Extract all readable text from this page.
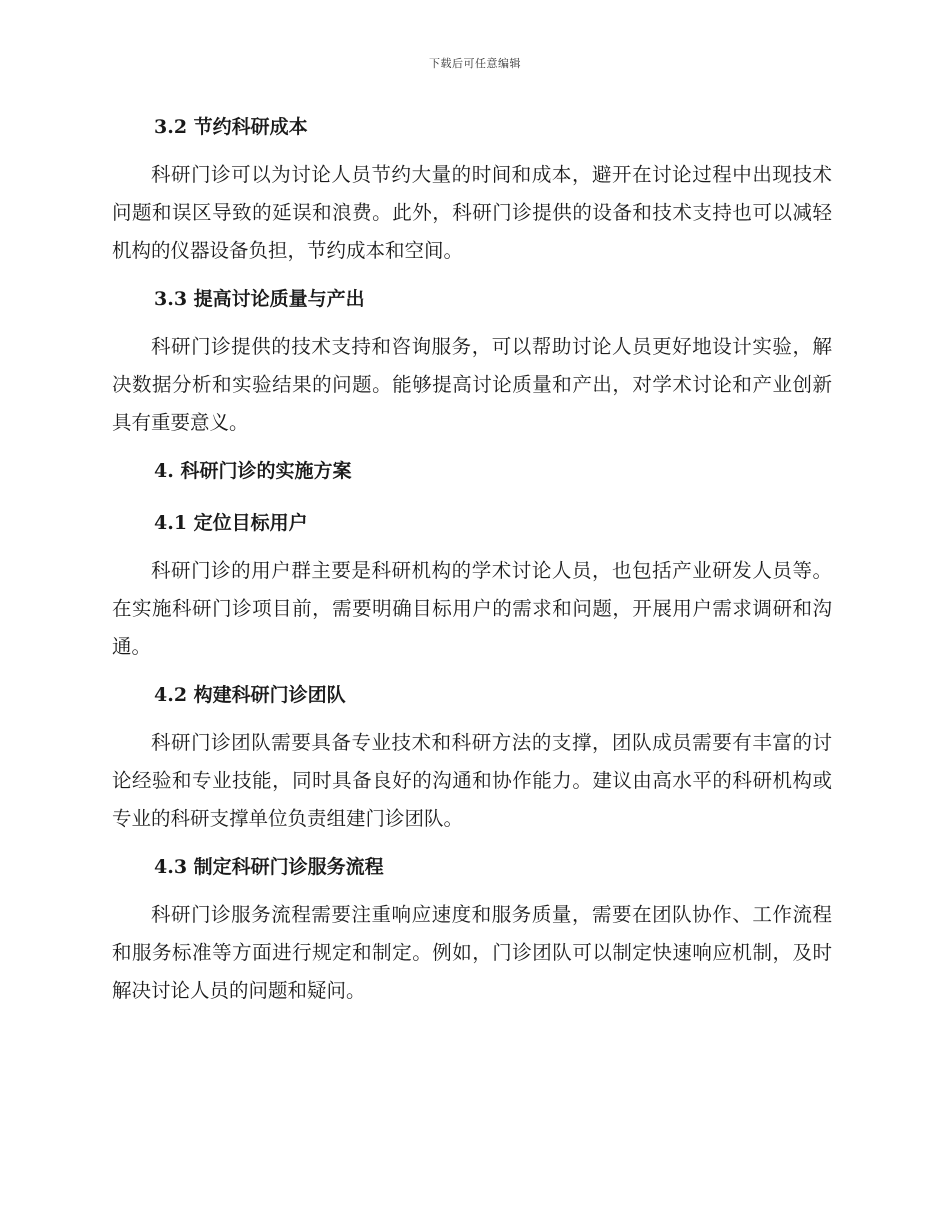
下载后可任意编辑
3.2 节约科研成本

科研门诊可以为讨论人员节约大量的时间和成本，避开在讨论过程中出现技术问题和误区导致的延误和浪费。此外，科研门诊提供的设备和技术支持也可以减轻机构的仪器设备负担，节约成本和空间。

3.3 提高讨论质量与产出

科研门诊提供的技术支持和咨询服务，可以帮助讨论人员更好地设计实验，解决数据分析和实验结果的问题。能够提高讨论质量和产出，对学术讨论和产业创新具有重要意义。

4. 科研门诊的实施方案
4.1 定位目标用户

科研门诊的用户群主要是科研机构的学术讨论人员，也包括产业研发人员等。在实施科研门诊项目前，需要明确目标用户的需求和问题，开展用户需求调研和沟通。

4.2 构建科研门诊团队

科研门诊团队需要具备专业技术和科研方法的支撑，团队成员需要有丰富的讨论经验和专业技能，同时具备良好的沟通和协作能力。建议由高水平的科研机构或专业的科研支撑单位负责组建门诊团队。

4.3 制定科研门诊服务流程

科研门诊服务流程需要注重响应速度和服务质量，需要在团队协作、工作流程和服务标准等方面进行规定和制定。例如，门诊团队可以制定快速响应机制，及时解决讨论人员的问题和疑问。
